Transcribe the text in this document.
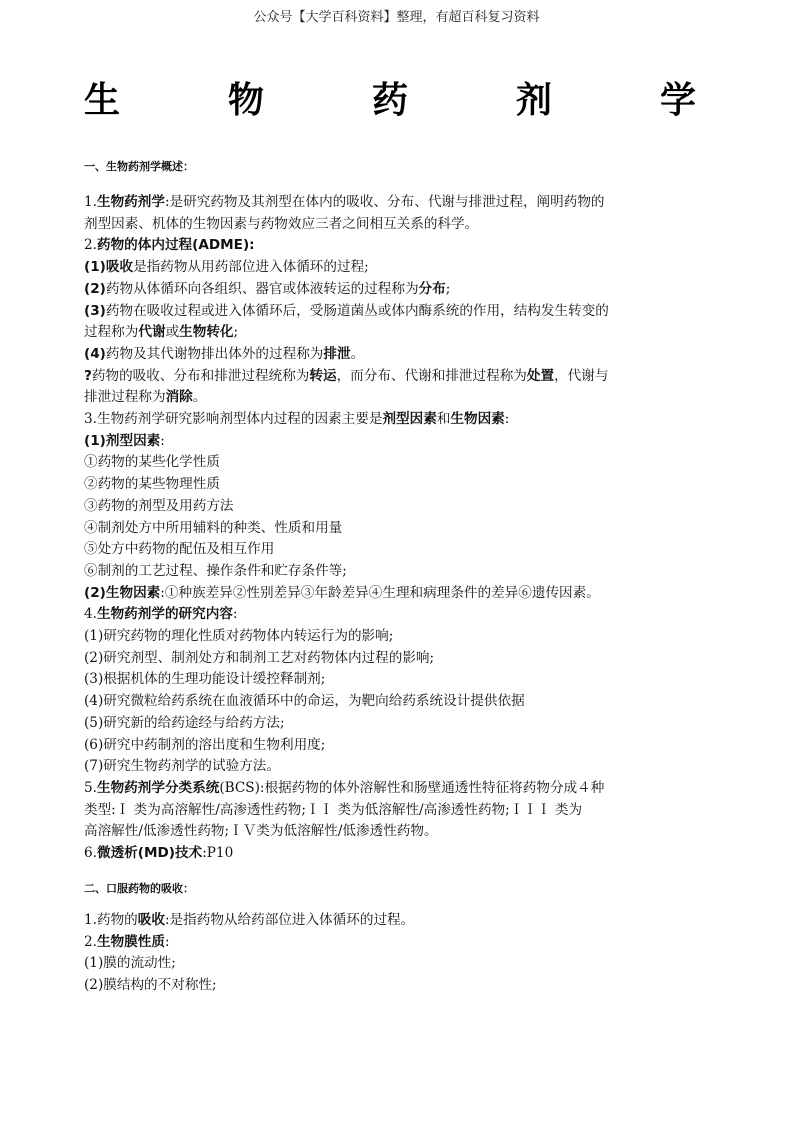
公众号【大学百科资料】整理，有超百科复习资料
生	物	药	剂	学
一、生物药剂学概述：

1.生物药剂学:是研究药物及其剂型在体内的吸收、分布、代谢与排泄过程，阐明药物的

剂型因素、机体的生物因素与药物效应三者之间相互关系的科学。

2.药物的体内过程(ADME):

(1)吸收是指药物从用药部位进入体循环的过程;

(2)药物从体循环向各组织、器官或体液转运的过程称为分布;

(3)药物在吸收过程或进入体循环后，受肠道菌丛或体内酶系统的作用，结构发生转变的

过程称为代谢或生物转化;

(4)药物及其代谢物排出体外的过程称为排泄。

?药物的吸收、分布和排泄过程统称为转运，而分布、代谢和排泄过程称为处置，代谢与

排泄过程称为消除。

3.生物药剂学研究影响剂型体内过程的因素主要是剂型因素和生物因素:

(1)剂型因素:

①药物的某些化学性质

②药物的某些物理性质

③药物的剂型及用药方法

④制剂处方中所用辅料的种类、性质和用量

⑤处方中药物的配伍及相互作用

⑥制剂的工艺过程、操作条件和贮存条件等;

(2)生物因素:①种族差异②性别差异③年龄差异④生理和病理条件的差异⑥遗传因素。

4.生物药剂学的研究内容:

(1)研究药物的理化性质对药物体内转运行为的影响;

(2)研究剂型、制剂处方和制剂工艺对药物体内过程的影响;

(3)根据机体的生理功能设计缓控释制剂;

(4)研究微粒给药系统在血液循环中的命运，为靶向给药系统设计提供依据

(5)研究新的给药途经与给药方法;

(6)研究中药制剂的溶出度和生物利用度;

(7)研究生物药剂学的试验方法。

5.生物药剂学分类系统(BCS):根据药物的体外溶解性和肠壁通透性特征将药物分成４种

类型:Ｉ 类为高溶解性/高渗透性药物;ＩＩ 类为低溶解性/高渗透性药物;ＩＩＩ 类为

高溶解性/低渗透性药物;ＩＶ类为低溶解性/低渗透性药物。

6.微透析(MD)技术:P10

二、口服药物的吸收：

1.药物的吸收:是指药物从给药部位进入体循环的过程。

2.生物膜性质:

(1)膜的流动性;

(2)膜结构的不对称性;
